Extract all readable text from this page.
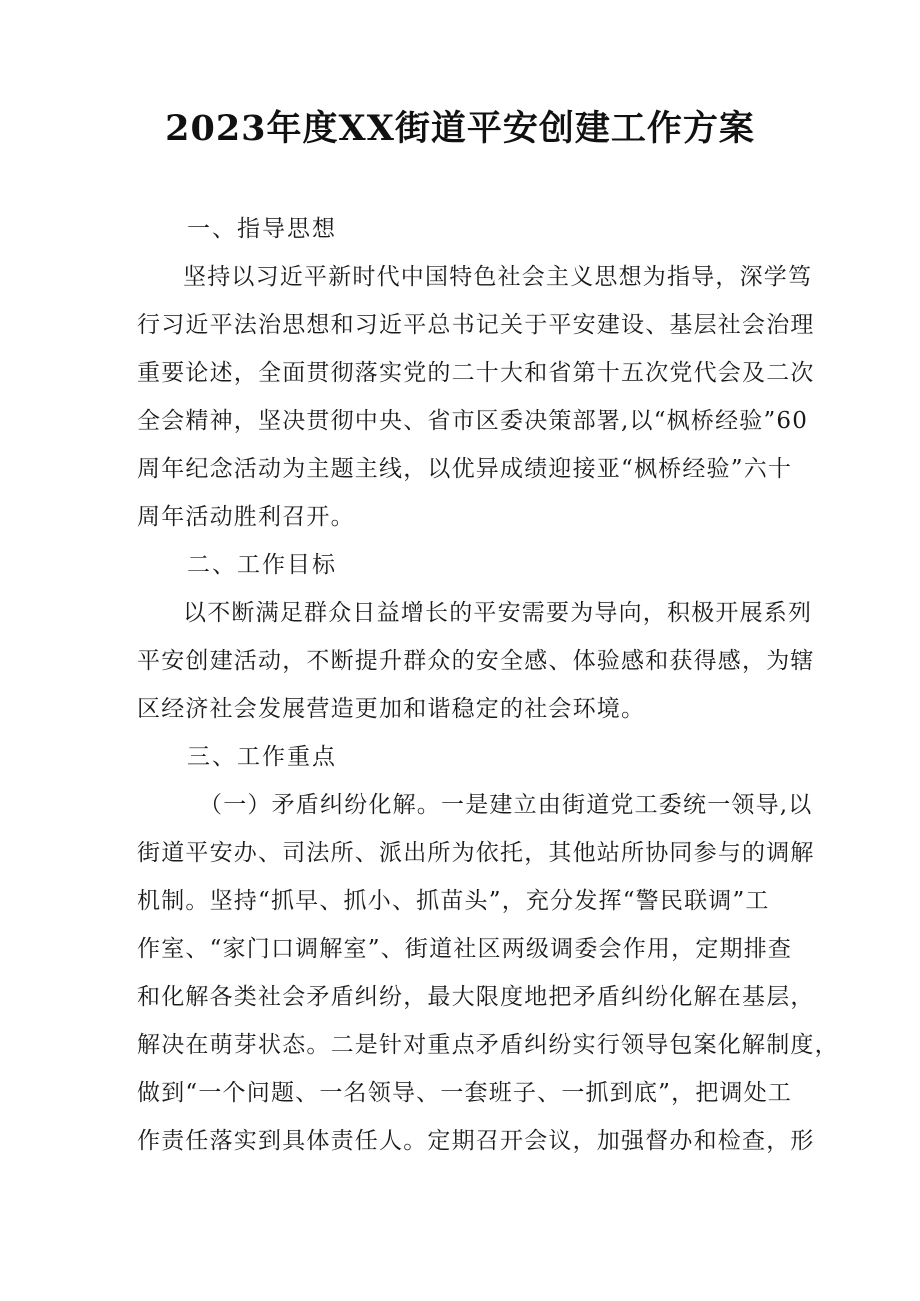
2023年度XX街道平安创建工作方案
一、指导思想
坚持以习近平新时代中国特色社会主义思想为指导，深学笃
行习近平法治思想和习近平总书记关于平安建设、基层社会治理
重要论述，全面贯彻落实党的二十大和省第十五次党代会及二次
全会精神，坚决贯彻中央、省市区委决策部署,以“枫桥经验”60
周年纪念活动为主题主线，以优异成绩迎接亚“枫桥经验”六十
周年活动胜利召开。
二、工作目标
以不断满足群众日益增长的平安需要为导向，积极开展系列
平安创建活动，不断提升群众的安全感、体验感和获得感，为辖
区经济社会发展营造更加和谐稳定的社会环境。
三、工作重点
（一）矛盾纠纷化解。一是建立由街道党工委统一领导,以
街道平安办、司法所、派出所为依托，其他站所协同参与的调解
机制。坚持“抓早、抓小、抓苗头”，充分发挥“警民联调”工
作室、“家门口调解室”、街道社区两级调委会作用，定期排查
和化解各类社会矛盾纠纷，最大限度地把矛盾纠纷化解在基层，
解决在萌芽状态。二是针对重点矛盾纠纷实行领导包案化解制度，
做到“一个问题、一名领导、一套班子、一抓到底”，把调处工
作责任落实到具体责任人。定期召开会议，加强督办和检查，形
